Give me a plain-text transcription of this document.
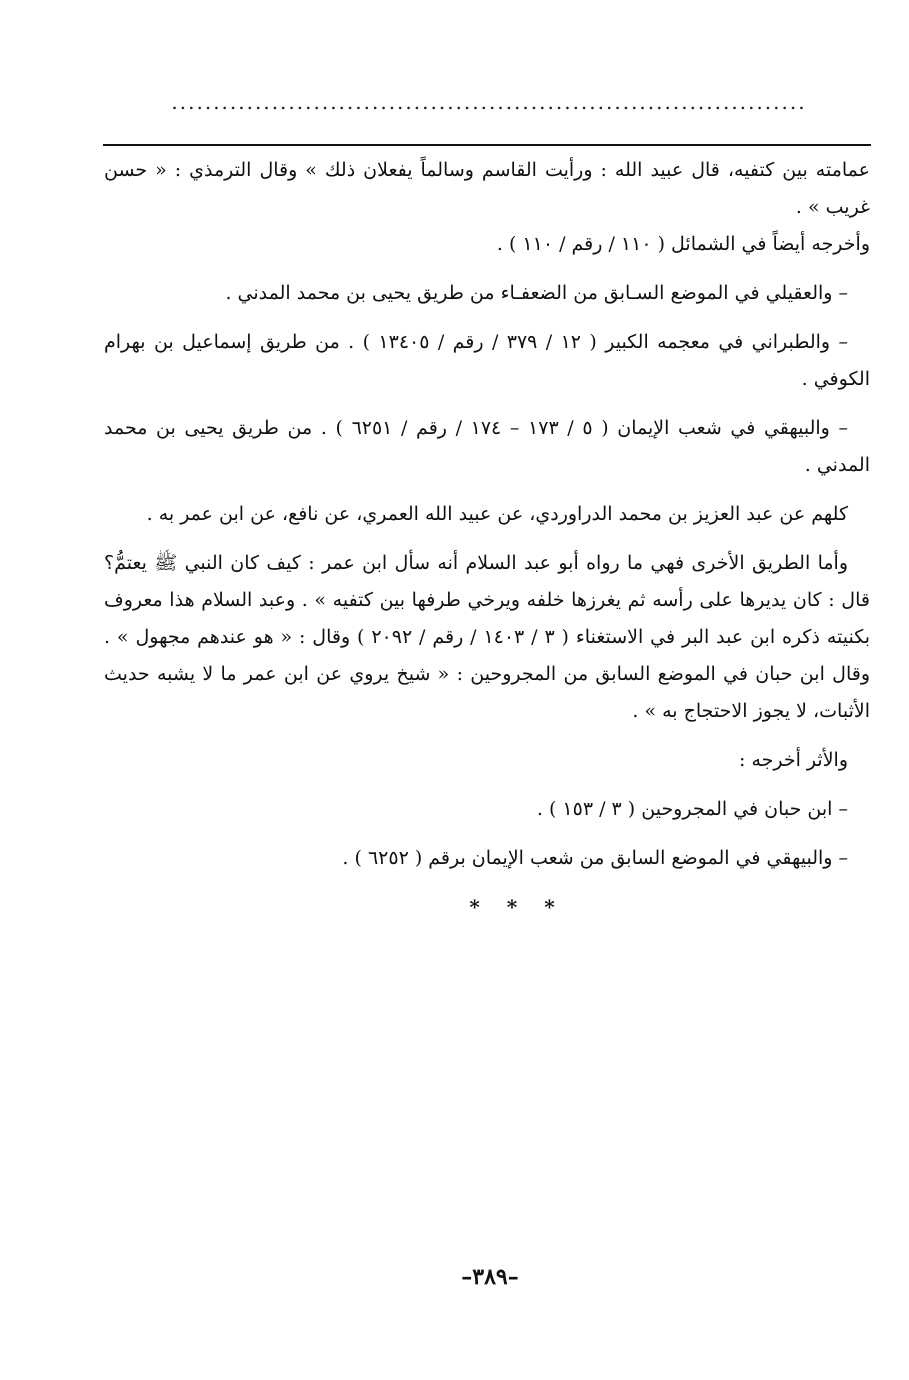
............................................................................

عمامته بين كتفيه، قال عبيد الله : ورأيت القاسم وسالماً يفعلان ذلك » وقال الترمذي : « حسن غريب » .

وأخرجه أيضاً في الشمائل ( ١١٠ / رقم / ١١٠ ) .

– والعقيلي في الموضع السـابق من الضعفـاء من طريق يحيى بن محمد المدني .

– والطبراني في معجمه الكبير ( ١٢ / ٣٧٩ / رقم / ١٣٤٠٥ ) . من طريق إسماعيل بن بهرام الكوفي .

– والبيهقي في شعب الإيمان ( ٥ / ١٧٣ – ١٧٤ / رقم / ٦٢٥١ ) . من طريق يحيى بن محمد المدني .

كلهم عن عبد العزيز بن محمد الدراوردي، عن عبيد الله العمري، عن نافع، عن ابن عمر به .

وأما الطريق الأخرى فهي ما رواه أبو عبد السلام أنه سأل ابن عمر : كيف كان النبي ﷺ يعتمُّ؟ قال : كان يديرها على رأسه ثم يغرزها خلفه ويرخي طرفها بين كتفيه » . وعبد السلام هذا معروف بكنيته ذكره ابن عبد البر في الاستغناء ( ٣ / ١٤٠٣ / رقم / ٢٠٩٢ ) وقال : « هو عندهم مجهول » . وقال ابن حبان في الموضع السابق من المجروحين : « شيخ يروي عن ابن عمر ما لا يشبه حديث الأثبات، لا يجوز الاحتجاج به » .

والأثر أخرجه :

– ابن حبان في المجروحين ( ٣ / ١٥٣ ) .

– والبيهقي في الموضع السابق من شعب الإيمان برقم ( ٦٢٥٢ ) .

* * *

–٣٨٩–
